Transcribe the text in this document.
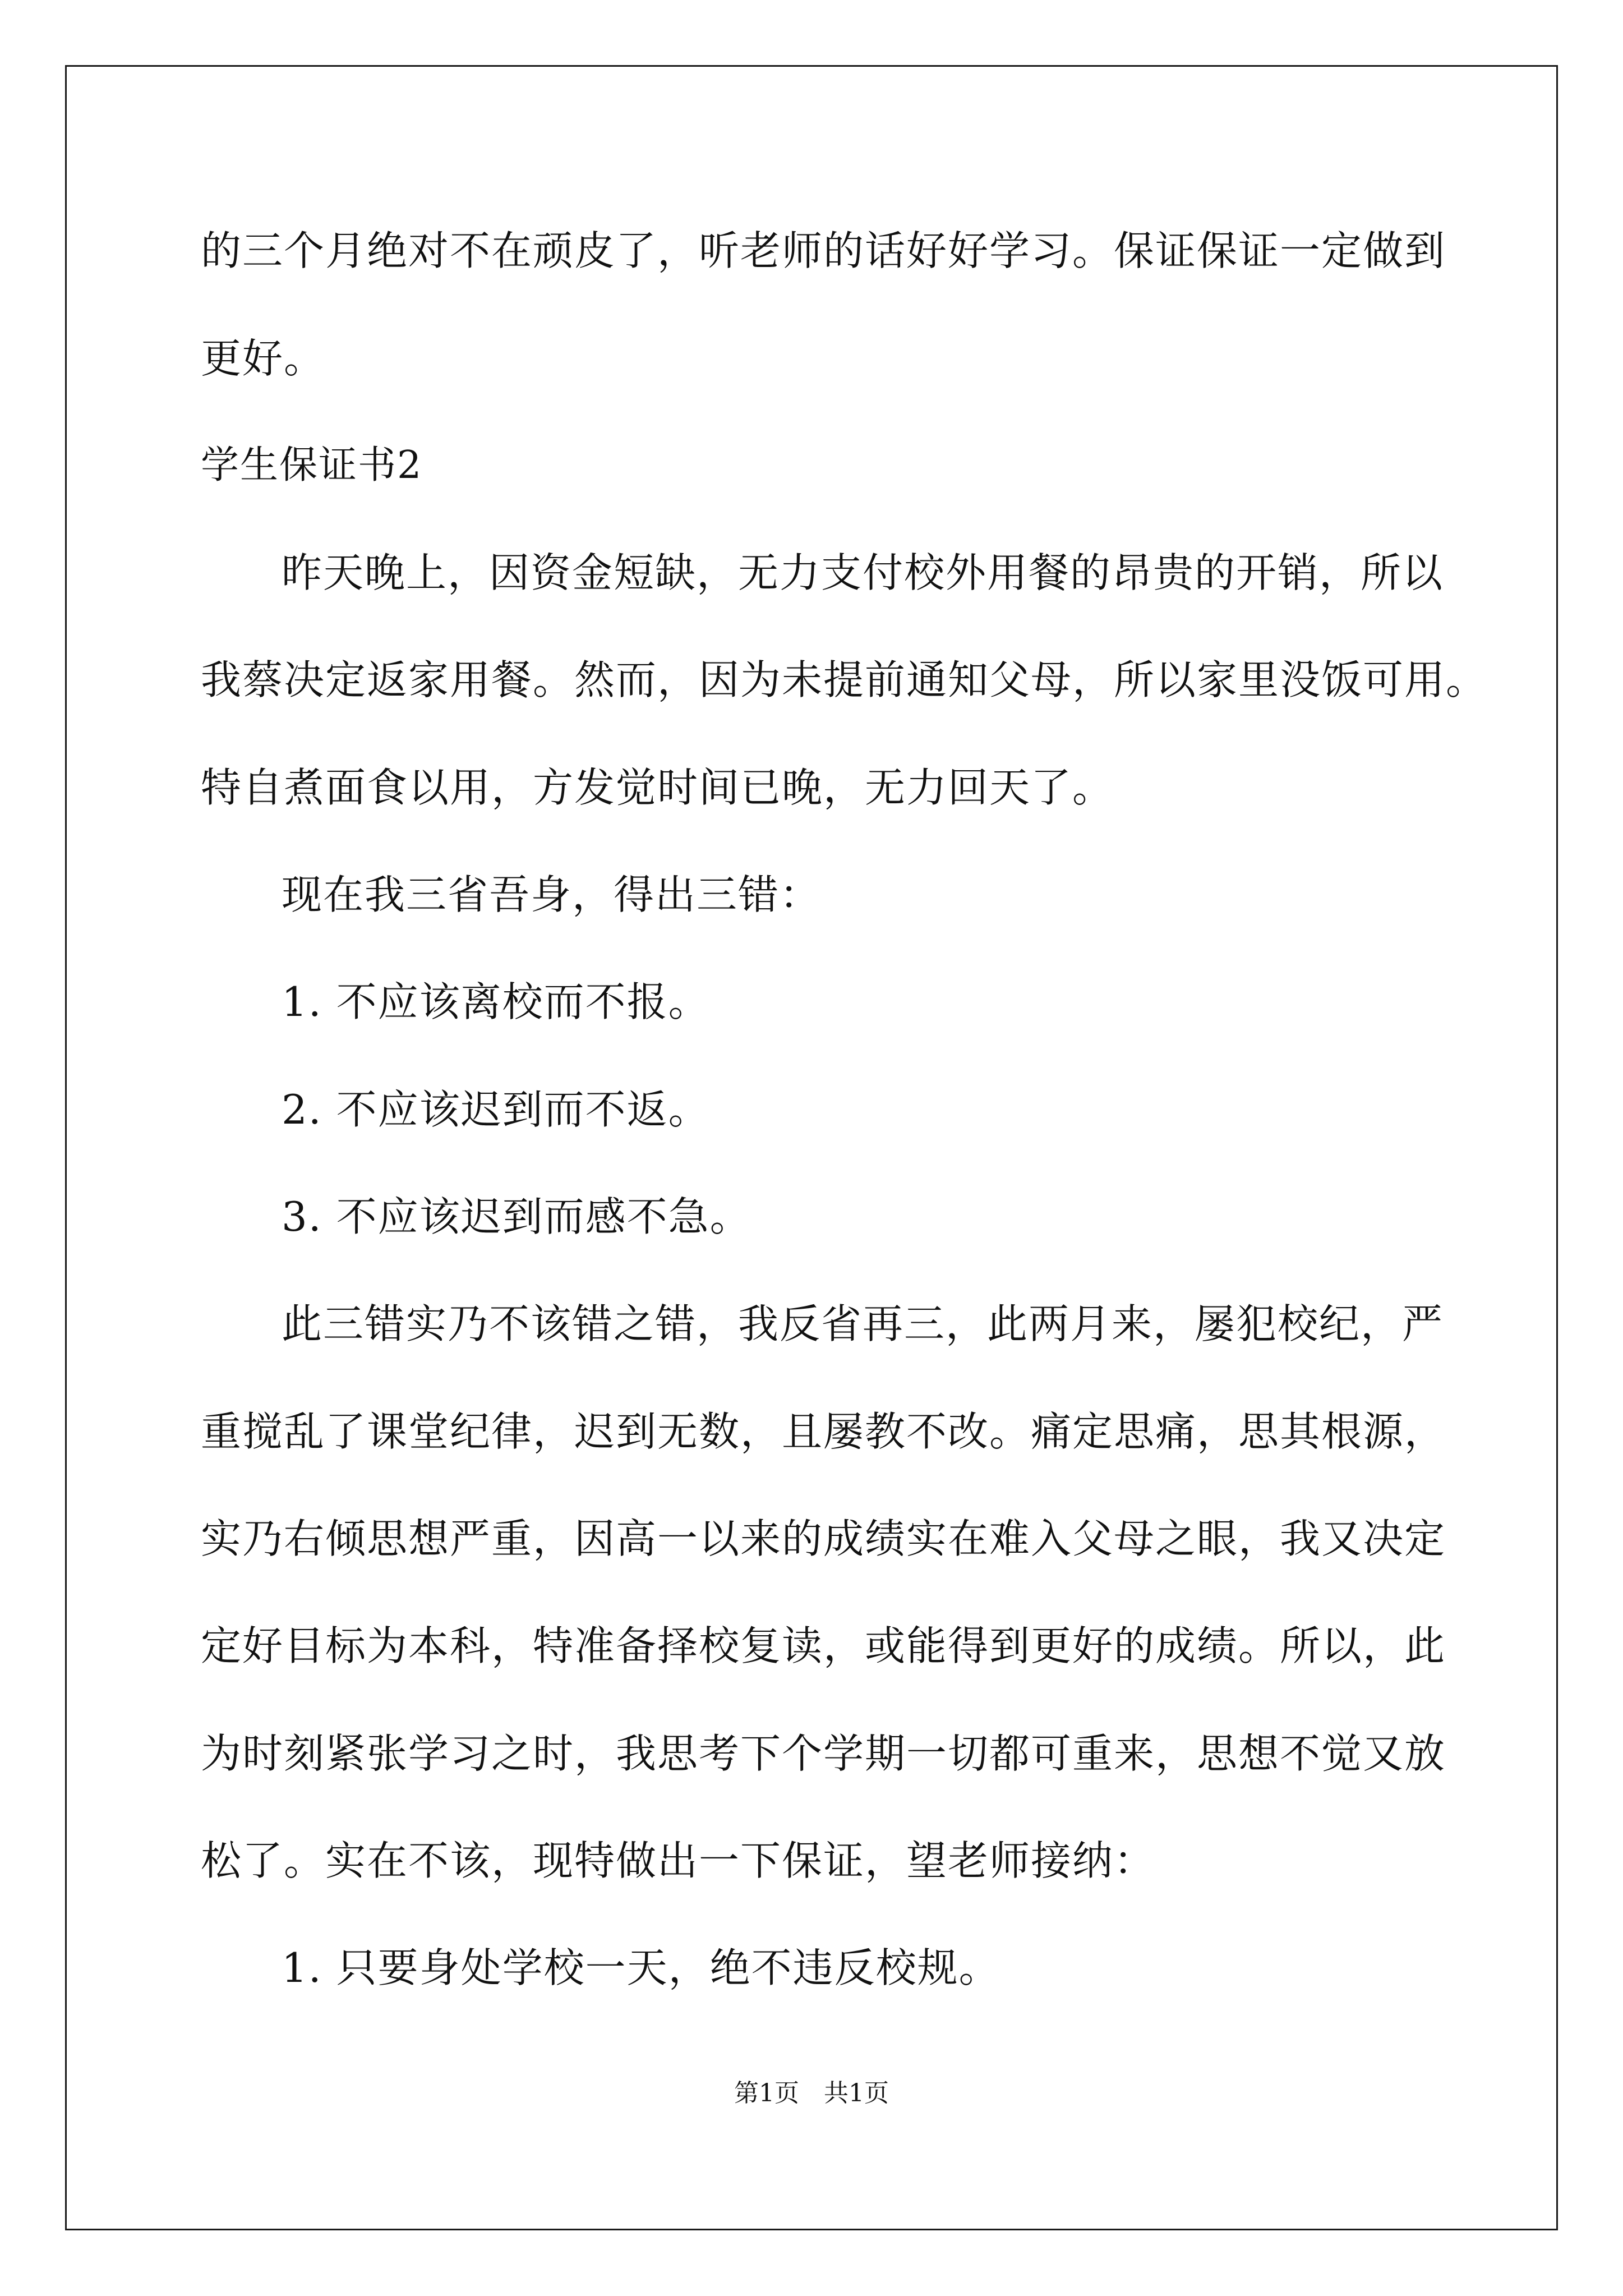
的三个月绝对不在顽皮了，听老师的话好好学习。保证保证一定做到
更好。
学生保证书2
昨天晚上，因资金短缺，无力支付校外用餐的昂贵的开销，所以
我蔡决定返家用餐。然而，因为未提前通知父母，所以家里没饭可用。
特自煮面食以用，方发觉时间已晚，无力回天了。
现在我三省吾身，得出三错：
1. 不应该离校而不报。
2. 不应该迟到而不返。
3. 不应该迟到而感不急。
此三错实乃不该错之错，我反省再三，此两月来，屡犯校纪，严
重搅乱了课堂纪律，迟到无数，且屡教不改。痛定思痛，思其根源，
实乃右倾思想严重，因高一以来的成绩实在难入父母之眼，我又决定
定好目标为本科，特准备择校复读，或能得到更好的成绩。所以，此
为时刻紧张学习之时，我思考下个学期一切都可重来，思想不觉又放
松了。实在不该，现特做出一下保证，望老师接纳：
1. 只要身处学校一天，绝不违反校规。
第1页　共1页
